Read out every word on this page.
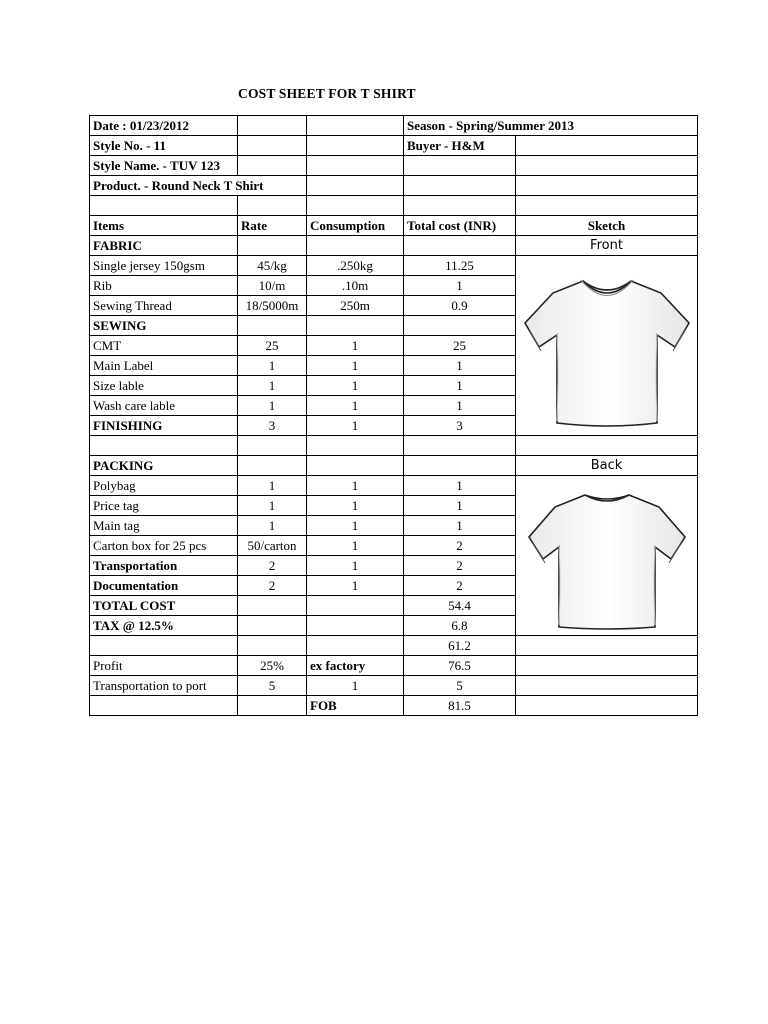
COST SHEET FOR T SHIRT
Date : 01/23/2012			Season - Spring/Summer 2013	
Style No. - 11			Buyer - H&M	
Style Name. - TUV 123				
Product. - Round Neck T Shirt				

Items	Rate	Consumption	Total cost (INR)	Sketch
FABRIC				Front
Single jersey 150gsm	45/kg	.250kg	11.25	

Rib	10/m	.10m	1	
Sewing Thread	18/5000m	250m	0.9	
SEWING				
CMT	25	1	25	
Main Label	1	1	1	
Size lable	1	1	1	
Wash care lable	1	1	1	
FINISHING	3	1	3	

PACKING				Back
Polybag	1	1	1	

Price tag	1	1	1	
Main tag	1	1	1	
Carton box for 25 pcs	50/carton	1	2	
Transportation	2	1	2	
Documentation	2	1	2	
TOTAL COST			54.4	
TAX @ 12.5%			6.8	
			61.2	
Profit	25%	ex factory	76.5	
Transportation to port	5	1	5	
		FOB	81.5	
